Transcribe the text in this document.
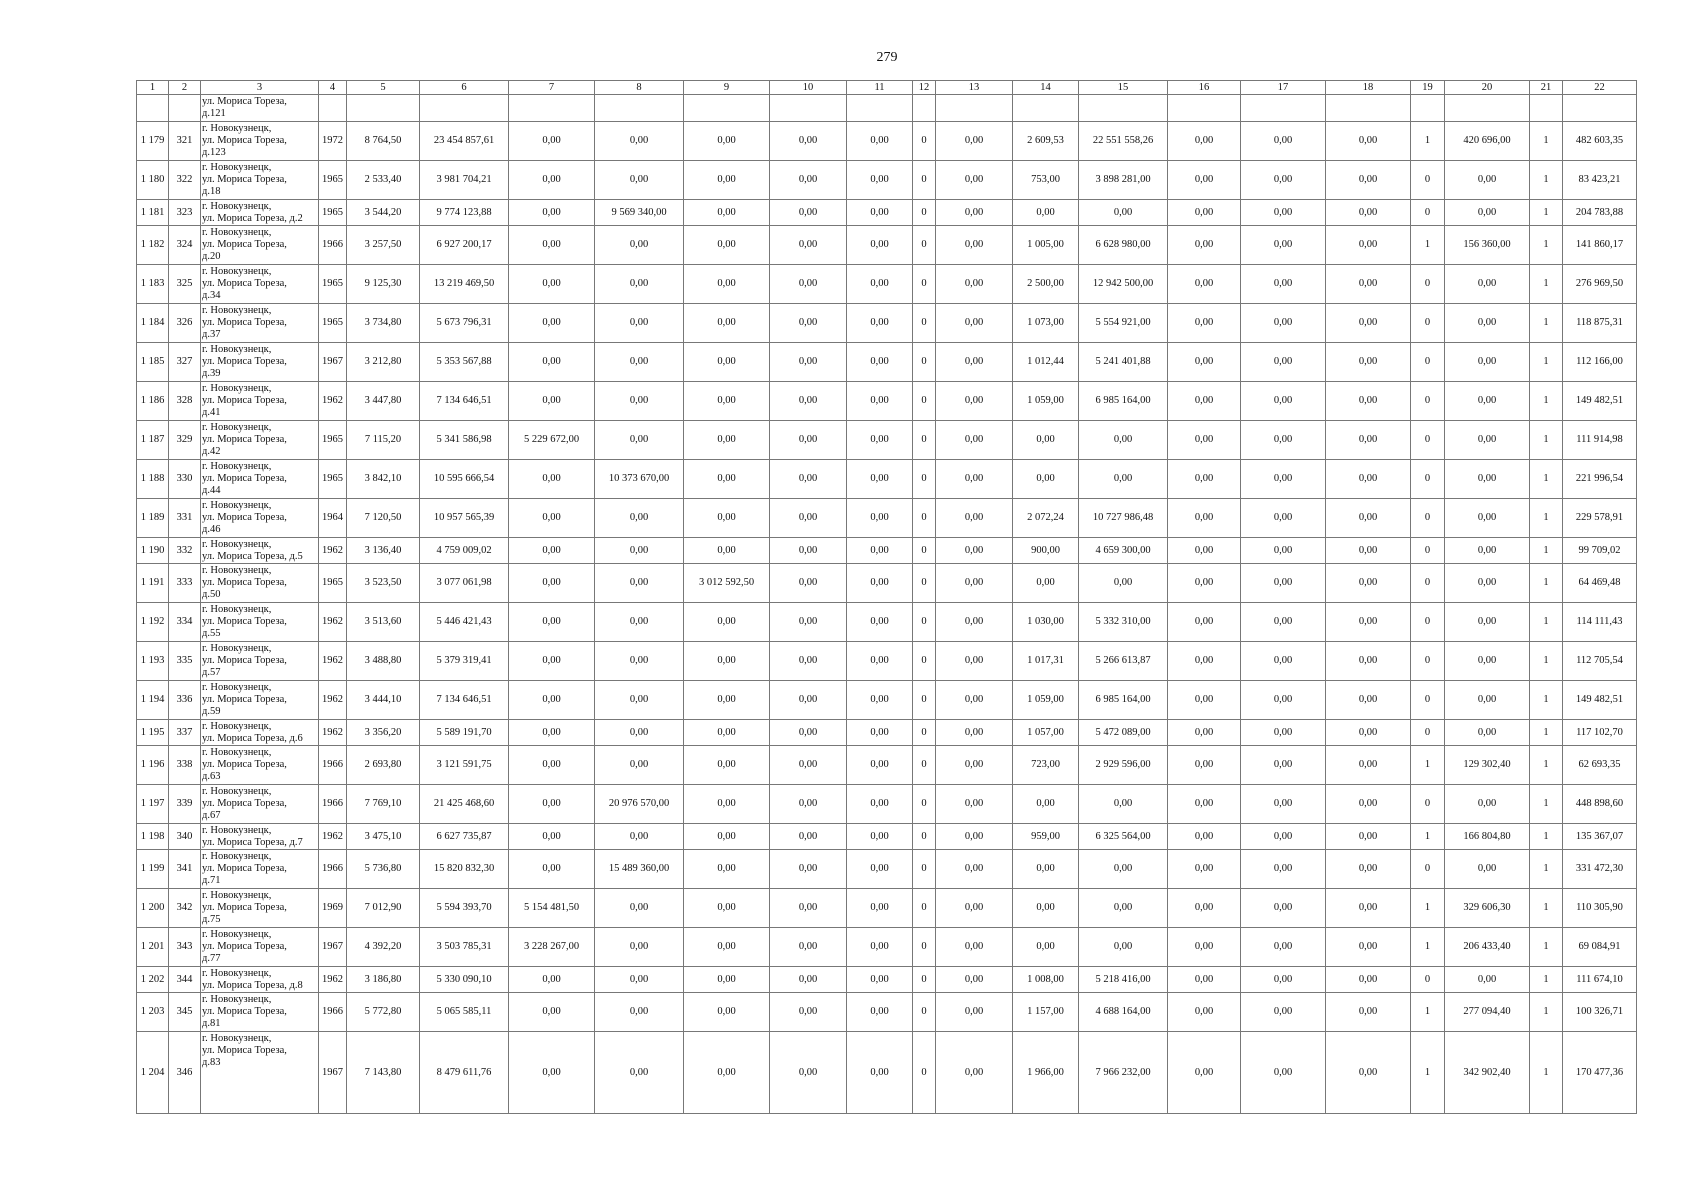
279
1	2	3	4	5	6	7	8	9	10	11	12	13	14	15	16	17	18	19	20	21	22
		ул. Мориса Тореза,
д.121																			
1 179	321	г. Новокузнецк,
ул. Мориса Тореза,
д.123	1972	8 764,50	23 454 857,61	0,00	0,00	0,00	0,00	0,00	0	0,00	2 609,53	22 551 558,26	0,00	0,00	0,00	1	420 696,00	1	482 603,35
1 180	322	г. Новокузнецк,
ул. Мориса Тореза,
д.18	1965	2 533,40	3 981 704,21	0,00	0,00	0,00	0,00	0,00	0	0,00	753,00	3 898 281,00	0,00	0,00	0,00	0	0,00	1	83 423,21
1 181	323	г. Новокузнецк,
ул. Мориса Тореза, д.2	1965	3 544,20	9 774 123,88	0,00	9 569 340,00	0,00	0,00	0,00	0	0,00	0,00	0,00	0,00	0,00	0,00	0	0,00	1	204 783,88
1 182	324	г. Новокузнецк,
ул. Мориса Тореза,
д.20	1966	3 257,50	6 927 200,17	0,00	0,00	0,00	0,00	0,00	0	0,00	1 005,00	6 628 980,00	0,00	0,00	0,00	1	156 360,00	1	141 860,17
1 183	325	г. Новокузнецк,
ул. Мориса Тореза,
д.34	1965	9 125,30	13 219 469,50	0,00	0,00	0,00	0,00	0,00	0	0,00	2 500,00	12 942 500,00	0,00	0,00	0,00	0	0,00	1	276 969,50
1 184	326	г. Новокузнецк,
ул. Мориса Тореза,
д.37	1965	3 734,80	5 673 796,31	0,00	0,00	0,00	0,00	0,00	0	0,00	1 073,00	5 554 921,00	0,00	0,00	0,00	0	0,00	1	118 875,31
1 185	327	г. Новокузнецк,
ул. Мориса Тореза,
д.39	1967	3 212,80	5 353 567,88	0,00	0,00	0,00	0,00	0,00	0	0,00	1 012,44	5 241 401,88	0,00	0,00	0,00	0	0,00	1	112 166,00
1 186	328	г. Новокузнецк,
ул. Мориса Тореза,
д.41	1962	3 447,80	7 134 646,51	0,00	0,00	0,00	0,00	0,00	0	0,00	1 059,00	6 985 164,00	0,00	0,00	0,00	0	0,00	1	149 482,51
1 187	329	г. Новокузнецк,
ул. Мориса Тореза,
д.42	1965	7 115,20	5 341 586,98	5 229 672,00	0,00	0,00	0,00	0,00	0	0,00	0,00	0,00	0,00	0,00	0,00	0	0,00	1	111 914,98
1 188	330	г. Новокузнецк,
ул. Мориса Тореза,
д.44	1965	3 842,10	10 595 666,54	0,00	10 373 670,00	0,00	0,00	0,00	0	0,00	0,00	0,00	0,00	0,00	0,00	0	0,00	1	221 996,54
1 189	331	г. Новокузнецк,
ул. Мориса Тореза,
д.46	1964	7 120,50	10 957 565,39	0,00	0,00	0,00	0,00	0,00	0	0,00	2 072,24	10 727 986,48	0,00	0,00	0,00	0	0,00	1	229 578,91
1 190	332	г. Новокузнецк,
ул. Мориса Тореза, д.5	1962	3 136,40	4 759 009,02	0,00	0,00	0,00	0,00	0,00	0	0,00	900,00	4 659 300,00	0,00	0,00	0,00	0	0,00	1	99 709,02
1 191	333	г. Новокузнецк,
ул. Мориса Тореза,
д.50	1965	3 523,50	3 077 061,98	0,00	0,00	3 012 592,50	0,00	0,00	0	0,00	0,00	0,00	0,00	0,00	0,00	0	0,00	1	64 469,48
1 192	334	г. Новокузнецк,
ул. Мориса Тореза,
д.55	1962	3 513,60	5 446 421,43	0,00	0,00	0,00	0,00	0,00	0	0,00	1 030,00	5 332 310,00	0,00	0,00	0,00	0	0,00	1	114 111,43
1 193	335	г. Новокузнецк,
ул. Мориса Тореза,
д.57	1962	3 488,80	5 379 319,41	0,00	0,00	0,00	0,00	0,00	0	0,00	1 017,31	5 266 613,87	0,00	0,00	0,00	0	0,00	1	112 705,54
1 194	336	г. Новокузнецк,
ул. Мориса Тореза,
д.59	1962	3 444,10	7 134 646,51	0,00	0,00	0,00	0,00	0,00	0	0,00	1 059,00	6 985 164,00	0,00	0,00	0,00	0	0,00	1	149 482,51
1 195	337	г. Новокузнецк,
ул. Мориса Тореза, д.6	1962	3 356,20	5 589 191,70	0,00	0,00	0,00	0,00	0,00	0	0,00	1 057,00	5 472 089,00	0,00	0,00	0,00	0	0,00	1	117 102,70
1 196	338	г. Новокузнецк,
ул. Мориса Тореза,
д.63	1966	2 693,80	3 121 591,75	0,00	0,00	0,00	0,00	0,00	0	0,00	723,00	2 929 596,00	0,00	0,00	0,00	1	129 302,40	1	62 693,35
1 197	339	г. Новокузнецк,
ул. Мориса Тореза,
д.67	1966	7 769,10	21 425 468,60	0,00	20 976 570,00	0,00	0,00	0,00	0	0,00	0,00	0,00	0,00	0,00	0,00	0	0,00	1	448 898,60
1 198	340	г. Новокузнецк,
ул. Мориса Тореза, д.7	1962	3 475,10	6 627 735,87	0,00	0,00	0,00	0,00	0,00	0	0,00	959,00	6 325 564,00	0,00	0,00	0,00	1	166 804,80	1	135 367,07
1 199	341	г. Новокузнецк,
ул. Мориса Тореза,
д.71	1966	5 736,80	15 820 832,30	0,00	15 489 360,00	0,00	0,00	0,00	0	0,00	0,00	0,00	0,00	0,00	0,00	0	0,00	1	331 472,30
1 200	342	г. Новокузнецк,
ул. Мориса Тореза,
д.75	1969	7 012,90	5 594 393,70	5 154 481,50	0,00	0,00	0,00	0,00	0	0,00	0,00	0,00	0,00	0,00	0,00	1	329 606,30	1	110 305,90
1 201	343	г. Новокузнецк,
ул. Мориса Тореза,
д.77	1967	4 392,20	3 503 785,31	3 228 267,00	0,00	0,00	0,00	0,00	0	0,00	0,00	0,00	0,00	0,00	0,00	1	206 433,40	1	69 084,91
1 202	344	г. Новокузнецк,
ул. Мориса Тореза, д.8	1962	3 186,80	5 330 090,10	0,00	0,00	0,00	0,00	0,00	0	0,00	1 008,00	5 218 416,00	0,00	0,00	0,00	0	0,00	1	111 674,10
1 203	345	г. Новокузнецк,
ул. Мориса Тореза,
д.81	1966	5 772,80	5 065 585,11	0,00	0,00	0,00	0,00	0,00	0	0,00	1 157,00	4 688 164,00	0,00	0,00	0,00	1	277 094,40	1	100 326,71
1 204	346	г. Новокузнецк,
ул. Мориса Тореза,
д.83	1967	7 143,80	8 479 611,76	0,00	0,00	0,00	0,00	0,00	0	0,00	1 966,00	7 966 232,00	0,00	0,00	0,00	1	342 902,40	1	170 477,36
